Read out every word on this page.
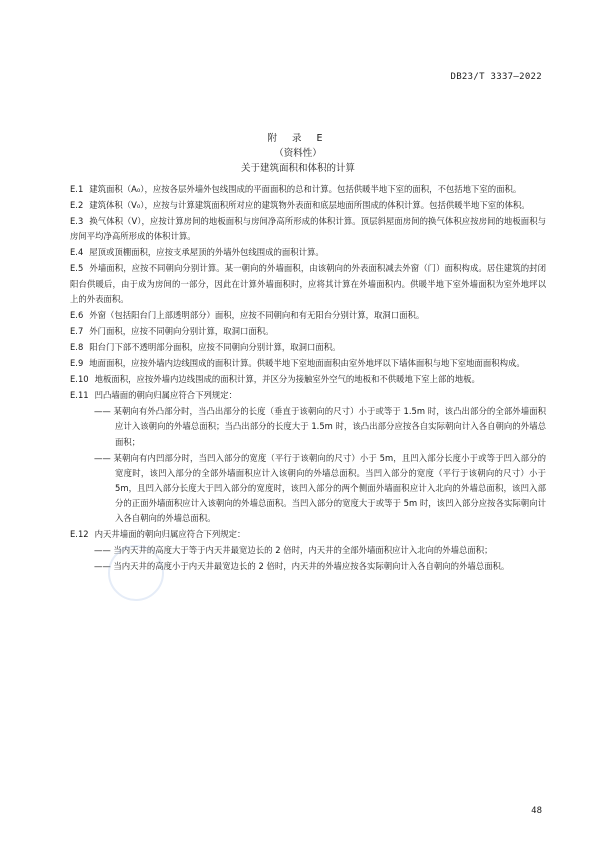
DB23/T 3337—2022
附 录 E
（资料性）
关于建筑面积和体积的计算

E.1 建筑面积（A₀），应按各层外墙外包线围成的平面面积的总和计算。包括供暖半地下室的面积，不包括地下室的面积。

E.2 建筑体积（V₀），应按与计算建筑面积所对应的建筑物外表面和底层地面所围成的体积计算。包括供暖半地下室的体积。

E.3 换气体积（V），应按计算房间的地板面积与房间净高所形成的体积计算。顶层斜屋面房间的换气体积应按房间的地板面积与房间平均净高所形成的体积计算。

E.4 屋顶或顶棚面积，应按支承屋顶的外墙外包线围成的面积计算。

E.5 外墙面积，应按不同朝向分别计算。某一朝向的外墙面积，由该朝向的外表面积减去外窗（门）面积构成。居住建筑的封闭阳台供暖后，由于成为房间的一部分，因此在计算外墙面积时，应将其计算在外墙面积内。供暖半地下室外墙面积为室外地坪以上的外表面积。

E.6 外窗（包括阳台门上部透明部分）面积，应按不同朝向和有无阳台分别计算，取洞口面积。

E.7 外门面积，应按不同朝向分别计算，取洞口面积。

E.8 阳台门下部不透明部分面积，应按不同朝向分别计算，取洞口面积。

E.9 地面面积，应按外墙内边线围成的面积计算。供暖半地下室地面面积由室外地坪以下墙体面积与地下室地面面积构成。

E.10 地板面积，应按外墙内边线围成的面积计算，并区分为接触室外空气的地板和不供暖地下室上部的地板。

E.11 凹凸墙面的朝向归属应符合下列规定：

—— 某朝向有外凸部分时，当凸出部分的长度（垂直于该朝向的尺寸）小于或等于 1.5m 时，该凸出部分的全部外墙面积应计入该朝向的外墙总面积；当凸出部分的长度大于 1.5m 时，该凸出部分应按各自实际朝向计入各自朝向的外墙总面积；

—— 某朝向有内凹部分时，当凹入部分的宽度（平行于该朝向的尺寸）小于 5m，且凹入部分长度小于或等于凹入部分的宽度时，该凹入部分的全部外墙面积应计入该朝向的外墙总面积。当凹入部分的宽度（平行于该朝向的尺寸）小于 5m，且凹入部分长度大于凹入部分的宽度时，该凹入部分的两个侧面外墙面积应计入北向的外墙总面积，该凹入部分的正面外墙面积应计入该朝向的外墙总面积。当凹入部分的宽度大于或等于 5m 时，该凹入部分应按各实际朝向计入各自朝向的外墙总面积。

E.12 内天井墙面的朝向归属应符合下列规定：

—— 当内天井的高度大于等于内天井最宽边长的 2 倍时，内天井的全部外墙面积应计入北向的外墙总面积；

—— 当内天井的高度小于内天井最宽边长的 2 倍时，内天井的外墙应按各实际朝向计入各自朝向的外墙总面积。

48
